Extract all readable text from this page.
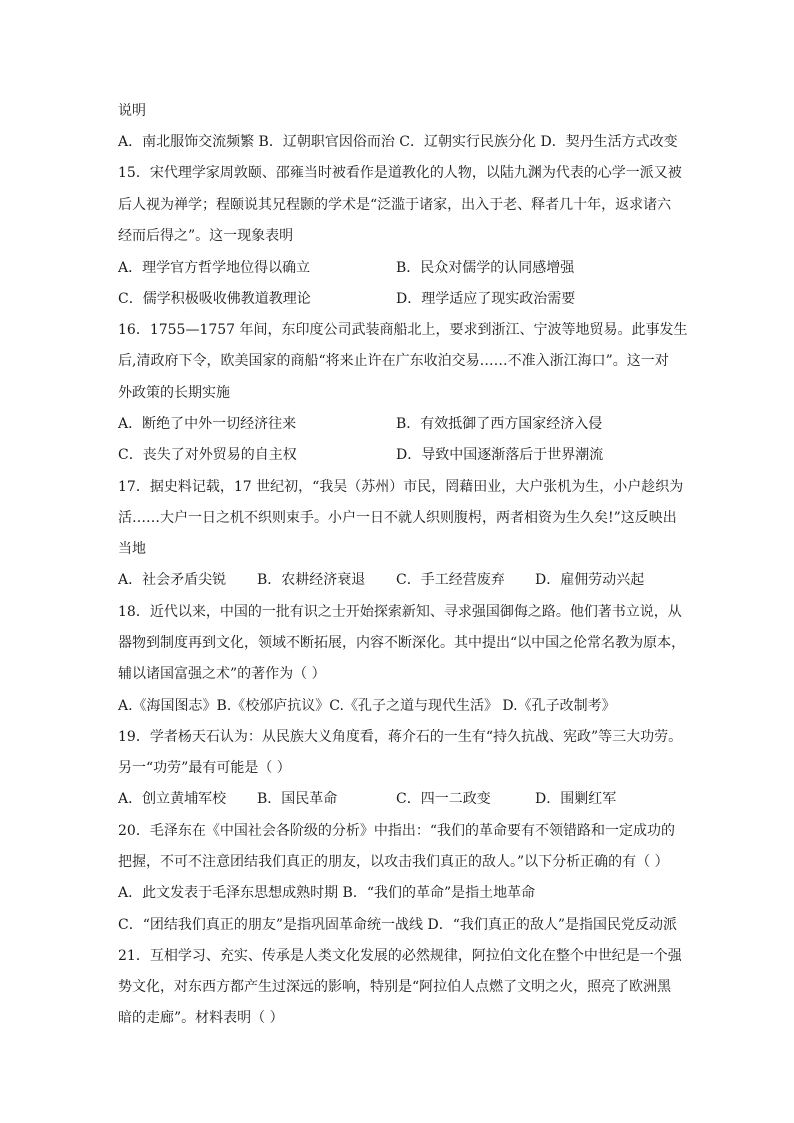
说明
A．南北服饰交流频繁 B．辽朝职官因俗而治 C．辽朝实行民族分化 D．契丹生活方式改变
15．宋代理学家周敦颐、邵雍当时被看作是道教化的人物，以陆九渊为代表的心学一派又被
后人视为禅学；程颐说其兄程颢的学术是“泛滥于诸家，出入于老、释者几十年，返求诸六
经而后得之”。这一现象表明
A．理学官方哲学地位得以确立	B．民众对儒学的认同感增强
C．儒学积极吸收佛教道教理论	D．理学适应了现实政治需要
16．1755—1757 年间，东印度公司武装商船北上，要求到浙江、宁波等地贸易。此事发生
后,清政府下令，欧美国家的商船“将来止许在广东收泊交易……不准入浙江海口”。这一对
外政策的长期实施
A．断绝了中外一切经济往来	B．有效抵御了西方国家经济入侵
C．丧失了对外贸易的自主权	D．导致中国逐渐落后于世界潮流
17．据史料记载，17 世纪初，“我吴（苏州）市民，罔藉田业，大户张机为生，小户趁织为
活……大户一日之机不织则束手。小户一日不就人织则腹枵，两者相资为生久矣!”这反映出
当地
A．社会矛盾尖锐 B．农耕经济衰退 C．手工经营废弃 D．雇佣劳动兴起
18．近代以来，中国的一批有识之士开始探索新知、寻求强国御侮之路。他们著书立说，从
器物到制度再到文化，领域不断拓展，内容不断深化。其中提出“以中国之伦常名教为原本，
辅以诸国富强之术”的著作为（ ）
A.《海国图志》B.《校邠庐抗议》C.《孔子之道与现代生活》 D.《孔子改制考》
19．学者杨天石认为：从民族大义角度看，蒋介石的一生有“持久抗战、宪政”等三大功劳。
另一“功劳”最有可能是（ ）
A．创立黄埔军校 B．国民革命	C．四一二政变	D．围剿红军
20．毛泽东在《中国社会各阶级的分析》中指出：“我们的革命要有不领错路和一定成功的
把握，不可不注意团结我们真正的朋友，以攻击我们真正的敌人。”以下分析正确的有（ ）
A．此文发表于毛泽东思想成熟时期 B．“我们的革命”是指土地革命
C．“团结我们真正的朋友”是指巩固革命统一战线 D．“我们真正的敌人”是指国民党反动派
21．互相学习、充实、传承是人类文化发展的必然规律，阿拉伯文化在整个中世纪是一个强
势文化，对东西方都产生过深远的影响，特别是“阿拉伯人点燃了文明之火，照亮了欧洲黑
暗的走廊”。材料表明（ ）
